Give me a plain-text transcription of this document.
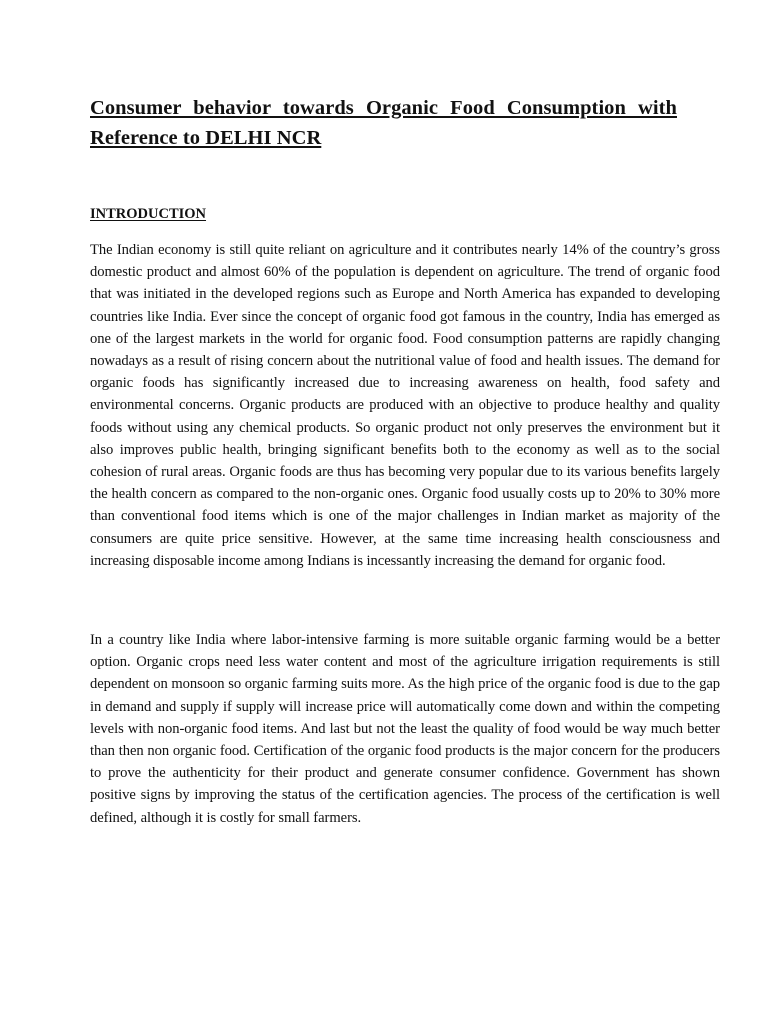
Consumer behavior towards Organic Food Consumption with Reference to DELHI NCR
INTRODUCTION

The Indian economy is still quite reliant on agriculture and it contributes nearly 14% of the country’s gross domestic product and almost 60% of the population is dependent on agriculture. The trend of organic food that was initiated in the developed regions such as Europe and North America has expanded to developing countries like India. Ever since the concept of organic food got famous in the country, India has emerged as one of the largest markets in the world for organic food. Food consumption patterns are rapidly changing nowadays as a result of rising concern about the nutritional value of food and health issues. The demand for organic foods has significantly increased due to increasing awareness on health, food safety and environmental concerns. Organic products are produced with an objective to produce healthy and quality foods without using any chemical products. So organic product not only preserves the environment but it also improves public health, bringing significant benefits both to the economy as well as to the social cohesion of rural areas. Organic foods are thus has becoming very popular due to its various benefits largely the health concern as compared to the non-organic ones. Organic food usually costs up to 20% to 30% more than conventional food items which is one of the major challenges in Indian market as majority of the consumers are quite price sensitive. However, at the same time increasing health consciousness and increasing disposable income among Indians is incessantly increasing the demand for organic food.

In a country like India where labor-intensive farming is more suitable organic farming would be a better option. Organic crops need less water content and most of the agriculture irrigation requirements is still dependent on monsoon so organic farming suits more. As the high price of the organic food is due to the gap in demand and supply if supply will increase price will automatically come down and within the competing levels with non-organic food items. And last but not the least the quality of food would be way much better than then non organic food. Certification of the organic food products is the major concern for the producers to prove the authenticity for their product and generate consumer confidence. Government has shown positive signs by improving the status of the certification agencies. The process of the certification is well defined, although it is costly for small farmers.
